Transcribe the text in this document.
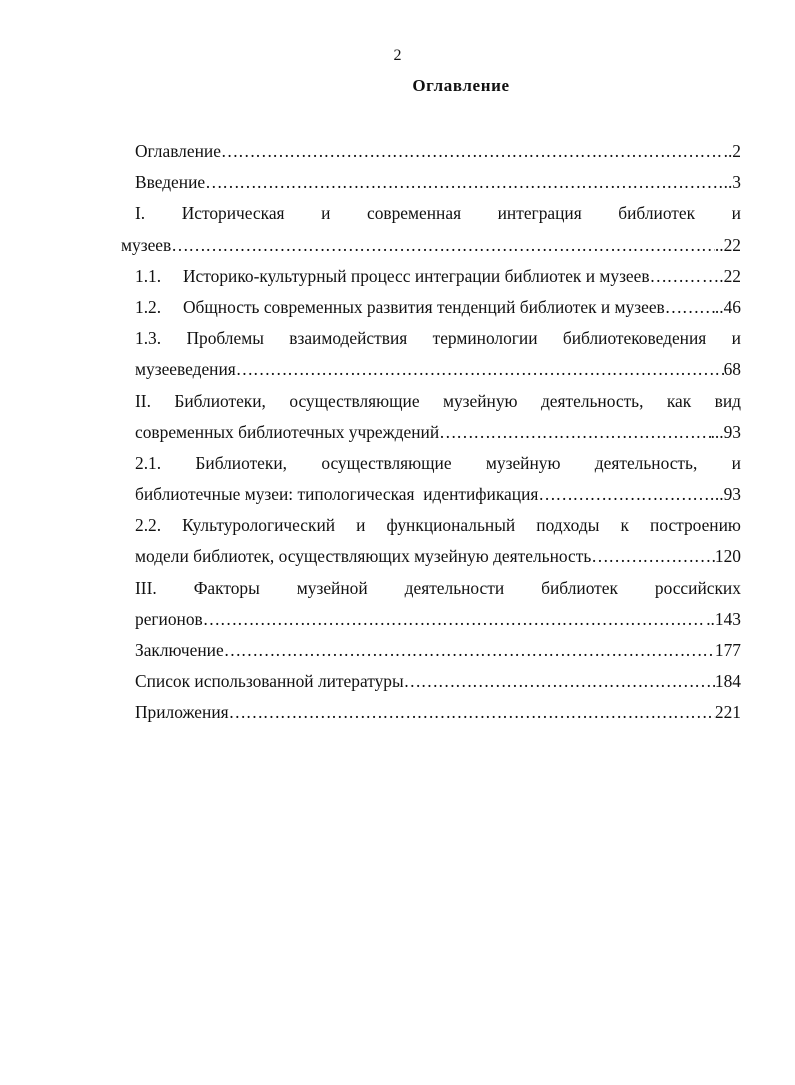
2
Оглавление
Оглавление ……………………………………………………………………………………………………………………………………………………………………………	..2
Введение ……………………………………………………………………………………………………………………………………………………………………………	..3
I. Историческая и современная интеграция библиотек и
музеев ……………………………………………………………………………………………………………………………………………………………………………	..22
1.1. Историко-культурный процесс интеграции библиотек и музеев ……………………………………………………………………………………………………………………………………………………………………………	….22
1.2. Общность современных развития тенденций библиотек и музеев ……………………………………………………………………………………………………………………………………………………………………………	..46
1.3. Проблемы взаимодействия терминологии библиотековедения и
музееведения ……………………………………………………………………………………………………………………………………………………………………………	68
II. Библиотеки, осуществляющие музейную деятельность, как вид
современных библиотечных учреждений ……………………………………………………………………………………………………………………………………………………………………………	...93
2.1. Библиотеки, осуществляющие музейную деятельность, и
библиотечные музеи: типологическая  идентификация ……………………………………………………………………………………………………………………………………………………………………………	..93
2.2. Культурологический и функциональный подходы к построению
модели библиотек, осуществляющих музейную деятельность ……………………………………………………………………………………………………………………………………………………………………………	120
III. Факторы музейной деятельности библиотек российских
регионов ……………………………………………………………………………………………………………………………………………………………………………	..143
Заключение ……………………………………………………………………………………………………………………………………………………………………………	177
Список использованной литературы ……………………………………………………………………………………………………………………………………………………………………………	184
Приложения ……………………………………………………………………………………………………………………………………………………………………………	221
